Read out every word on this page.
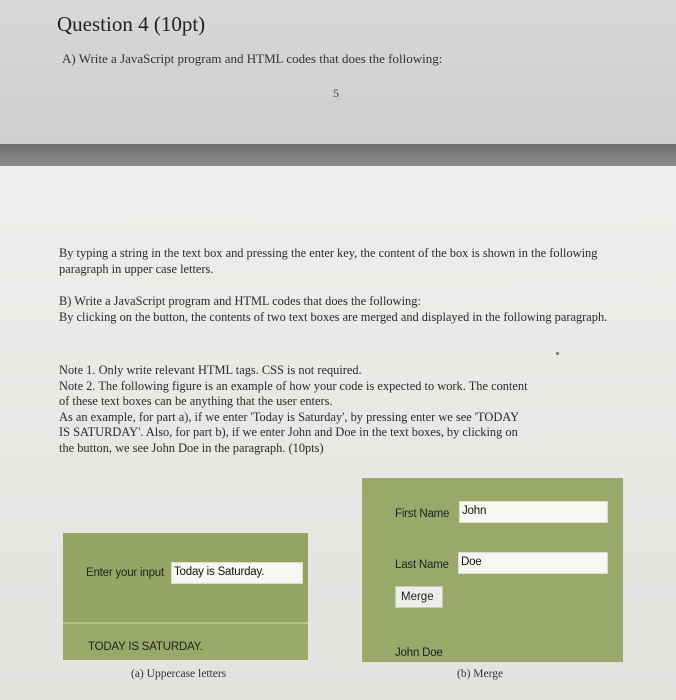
Question 4 (10pt)

A) Write a JavaScript program and HTML codes that does the following:

5

By typing a string in the text box and pressing the enter key, the content of the box is shown in the following paragraph in upper case letters.

B) Write a JavaScript program and HTML codes that does the following:
By clicking on the button, the contents of two text boxes are merged and displayed in the following paragraph.
Note 1. Only write relevant HTML tags. CSS is not required.
Note 2. The following figure is an example of how your code is expected to work. The content
of these text boxes can be anything that the user enters.
As an example, for part a), if we enter 'Today is Saturday', by pressing enter we see 'TODAY
IS SATURDAY'. Also, for part b), if we enter John and Doe in the text boxes, by clicking on
the button, we see John Doe in the paragraph. (10pts)
Enter your input Today is Saturday.
TODAY IS SATURDAY.
(a) Uppercase letters
First Name John
Last Name Doe
Merge
John Doe
(b) Merge
